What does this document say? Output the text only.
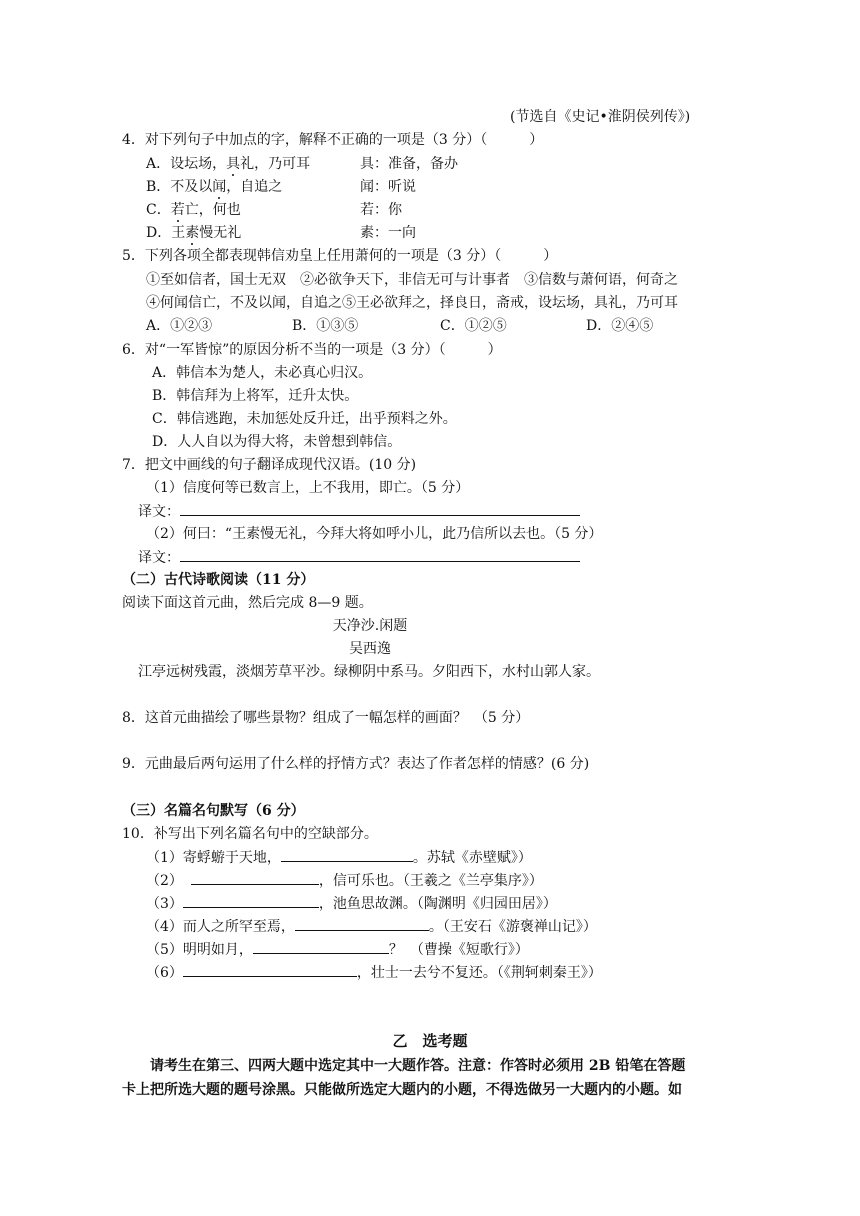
(节选自《史记•淮阴侯列传》)
4．对下列句子中加点的字，解释不正确的一项是（3 分）（　　　）
A．设坛场，具礼，乃可耳	具：准备，备办
B．不及以闻，自追之	闻：听说
C．若亡，何也	若：你
D．王素慢无礼	素：一向
5．下列各项全都表现韩信劝皇上任用萧何的一项是（3 分）（　　　）
①至如信者，国士无双　②必欲争天下，非信无可与计事者　③信数与萧何语，何奇之
④何闻信亡，不及以闻，自追之⑤王必欲拜之，择良日，斋戒，设坛场，具礼，乃可耳
A．①②③	B．①③⑤	C．①②⑤	D．②④⑤
6．对“一军皆惊”的原因分析不当的一项是（3 分）（　　　）
A．韩信本为楚人，未必真心归汉。
B．韩信拜为上将军，迁升太快。
C．韩信逃跑，未加惩处反升迁，出乎预料之外。
D．人人自以为得大将，未曾想到韩信。
7．把文中画线的句子翻译成现代汉语。(10 分)
（1）信度何等已数言上，上不我用，即亡。（5 分）
译文：
（2）何曰：“王素慢无礼，今拜大将如呼小儿，此乃信所以去也。（5 分）
译文：
（二）古代诗歌阅读（11 分）
阅读下面这首元曲，然后完成 8—9 题。
天净沙.闲题
吴西逸
江亭远树残霞，淡烟芳草平沙。绿柳阴中系马。夕阳西下，水村山郭人家。
8．这首元曲描绘了哪些景物？组成了一幅怎样的画面？　（5 分）
9．元曲最后两句运用了什么样的抒情方式？表达了作者怎样的情感？(6 分)
（三）名篇名句默写（6 分）
10．补写出下列名篇名句中的空缺部分。
（1）寄蜉蝣于天地，	。苏轼《赤壁赋》）
（2）	，信可乐也。（王羲之《兰亭集序》）
（3）	，池鱼思故渊。（陶渊明《归园田居》）
（4）而人之所罕至焉，	。（王安石《游褒禅山记》）
（5）明明如月，	？　（曹操《短歌行》）
（6）	，壮士一去兮不复还。（《荆轲刺秦王》）
乙　选考题
请考生在第三、四两大题中选定其中一大题作答。注意：作答时必须用 2B 铅笔在答题
卡上把所选大题的题号涂黑。只能做所选定大题内的小题，不得选做另一大题内的小题。如
